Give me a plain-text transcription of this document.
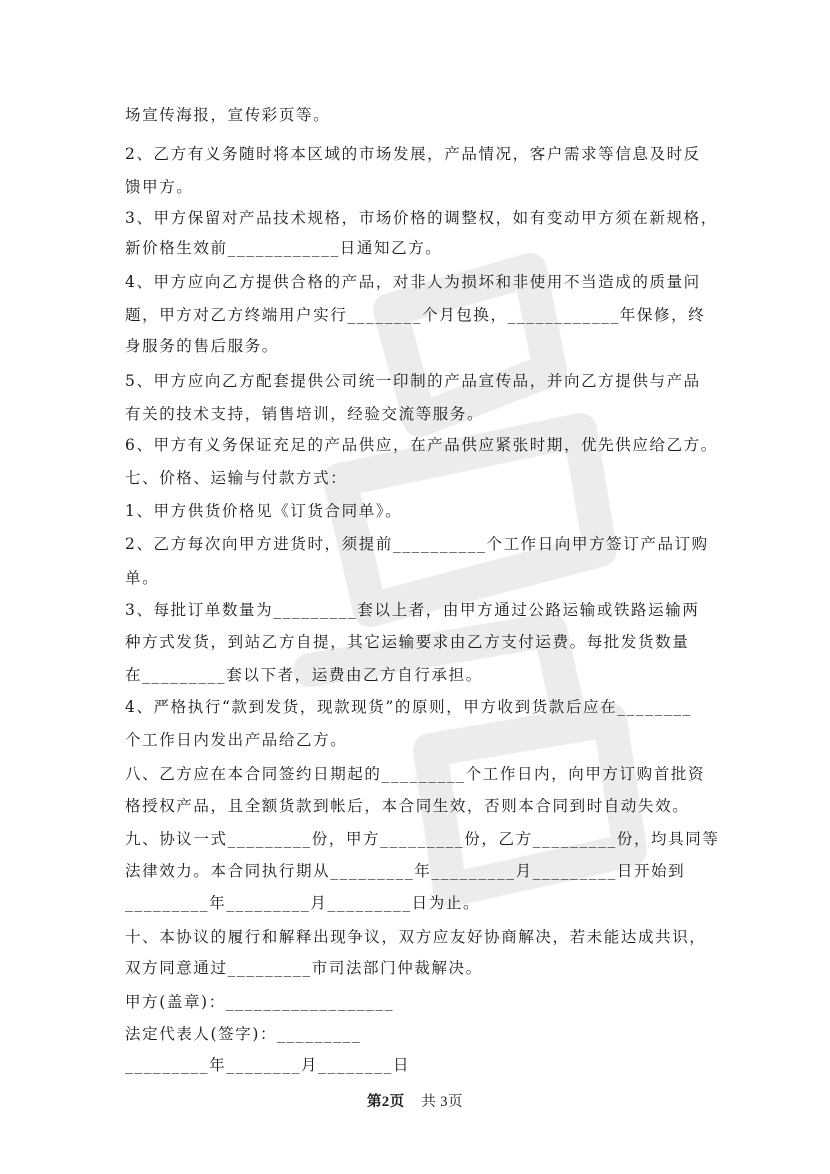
场宣传海报，宣传彩页等。
2、乙方有义务随时将本区域的市场发展，产品情况，客户需求等信息及时反
馈甲方。
3、甲方保留对产品技术规格，市场价格的调整权，如有变动甲方须在新规格，
新价格生效前____________日通知乙方。
4、甲方应向乙方提供合格的产品，对非人为损坏和非使用不当造成的质量问
题，甲方对乙方终端用户实行________个月包换，____________年保修，终
身服务的售后服务。
5、甲方应向乙方配套提供公司统一印制的产品宣传品，并向乙方提供与产品
有关的技术支持，销售培训，经验交流等服务。
6、甲方有义务保证充足的产品供应，在产品供应紧张时期，优先供应给乙方。
七、价格、运输与付款方式：
1、甲方供货价格见《订货合同单》。
2、乙方每次向甲方进货时，须提前__________个工作日向甲方签订产品订购
单。
3、每批订单数量为_________套以上者，由甲方通过公路运输或铁路运输两
种方式发货，到站乙方自提，其它运输要求由乙方支付运费。每批发货数量
在_________套以下者，运费由乙方自行承担。
4、严格执行“款到发货，现款现货”的原则，甲方收到货款后应在________
个工作日内发出产品给乙方。
八、乙方应在本合同签约日期起的_________个工作日内，向甲方订购首批资
格授权产品，且全额货款到帐后，本合同生效，否则本合同到时自动失效。
九、协议一式_________份，甲方_________份，乙方_________份，均具同等
法律效力。本合同执行期从_________年_________月_________日开始到
_________年_________月_________日为止。
十、本协议的履行和解释出现争议，双方应友好协商解决，若未能达成共识，
双方同意通过_________市司法部门仲裁解决。
甲方(盖章)：__________________
法定代表人(签字)：_________
_________年________月________日
第2页 共 3页
